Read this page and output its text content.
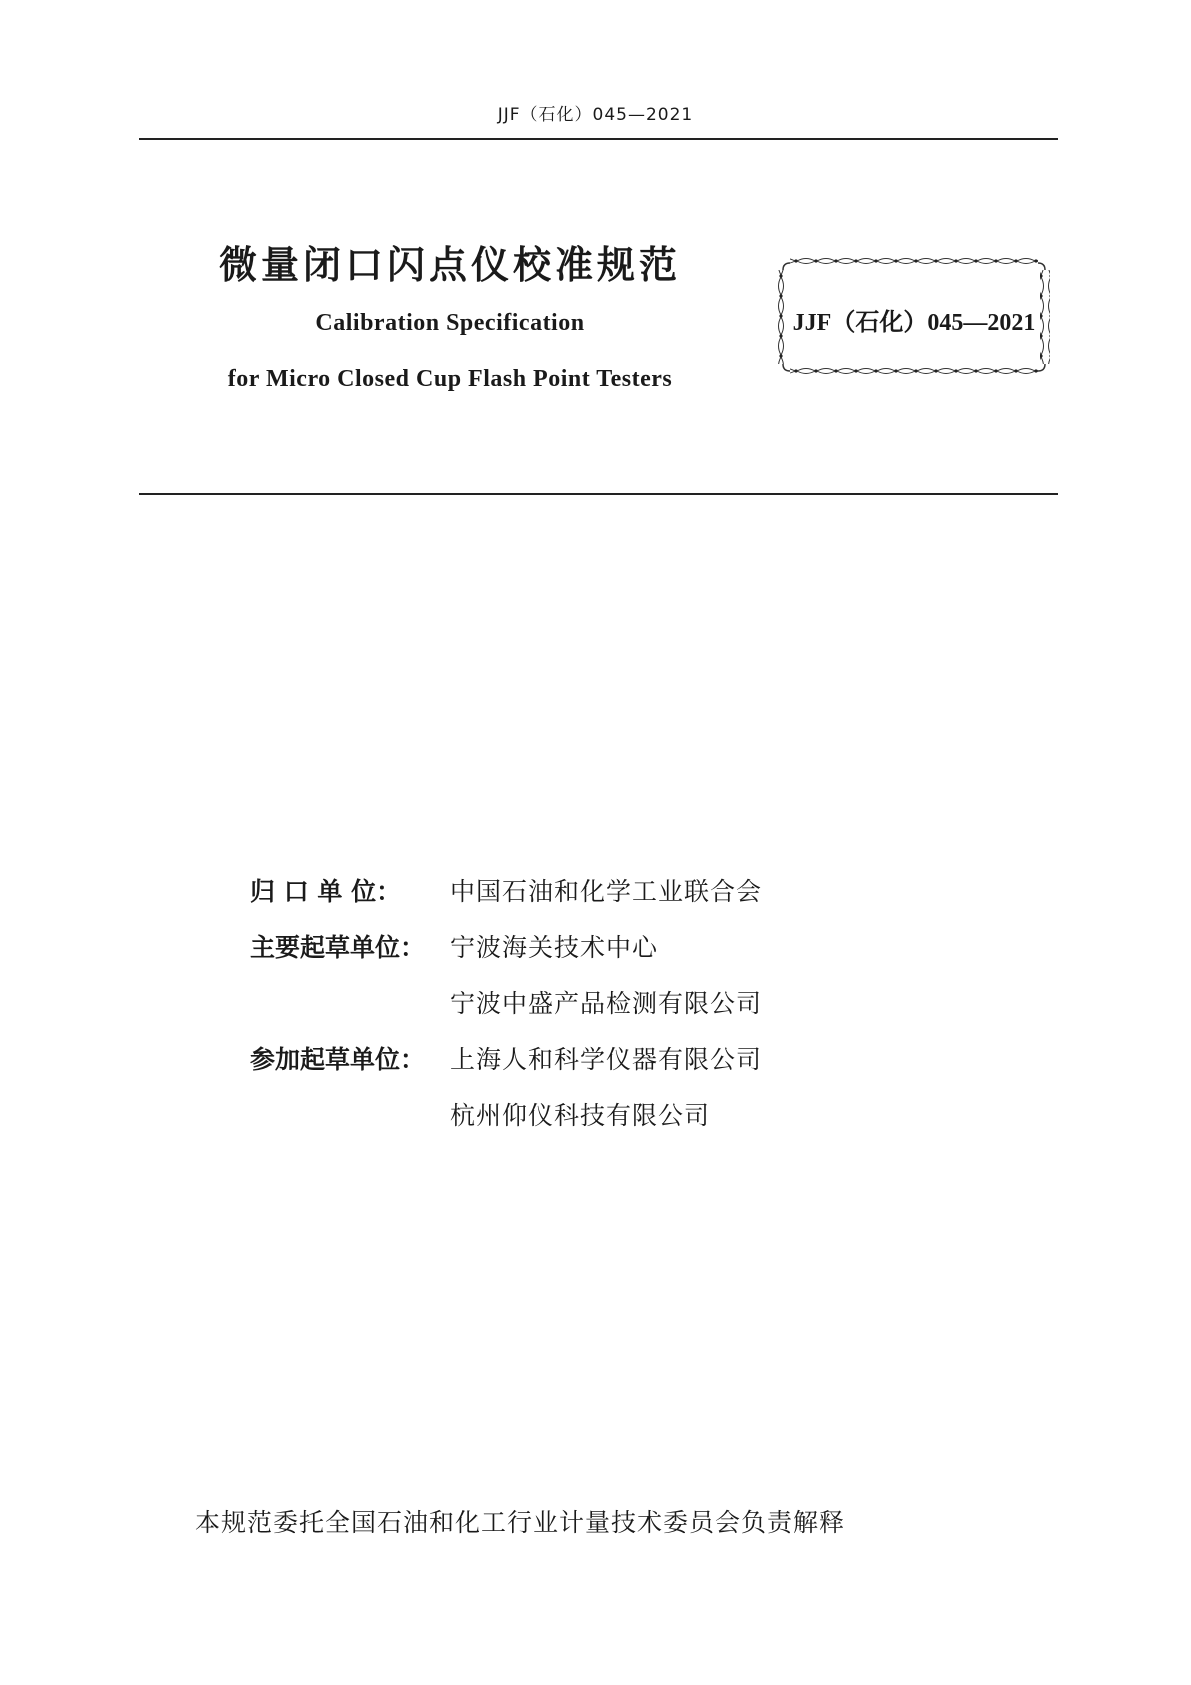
JJF（石化）045—2021
微量闭口闪点仪校准规范
Calibration Specification
for Micro Closed Cup Flash Point Testers
JJF（石化）045—2021
归 口 单 位：	中国石油和化学工业联合会
主要起草单位： 宁波海关技术中心
宁波中盛产品检测有限公司
参加起草单位： 上海人和科学仪器有限公司
杭州仰仪科技有限公司
本规范委托全国石油和化工行业计量技术委员会负责解释
